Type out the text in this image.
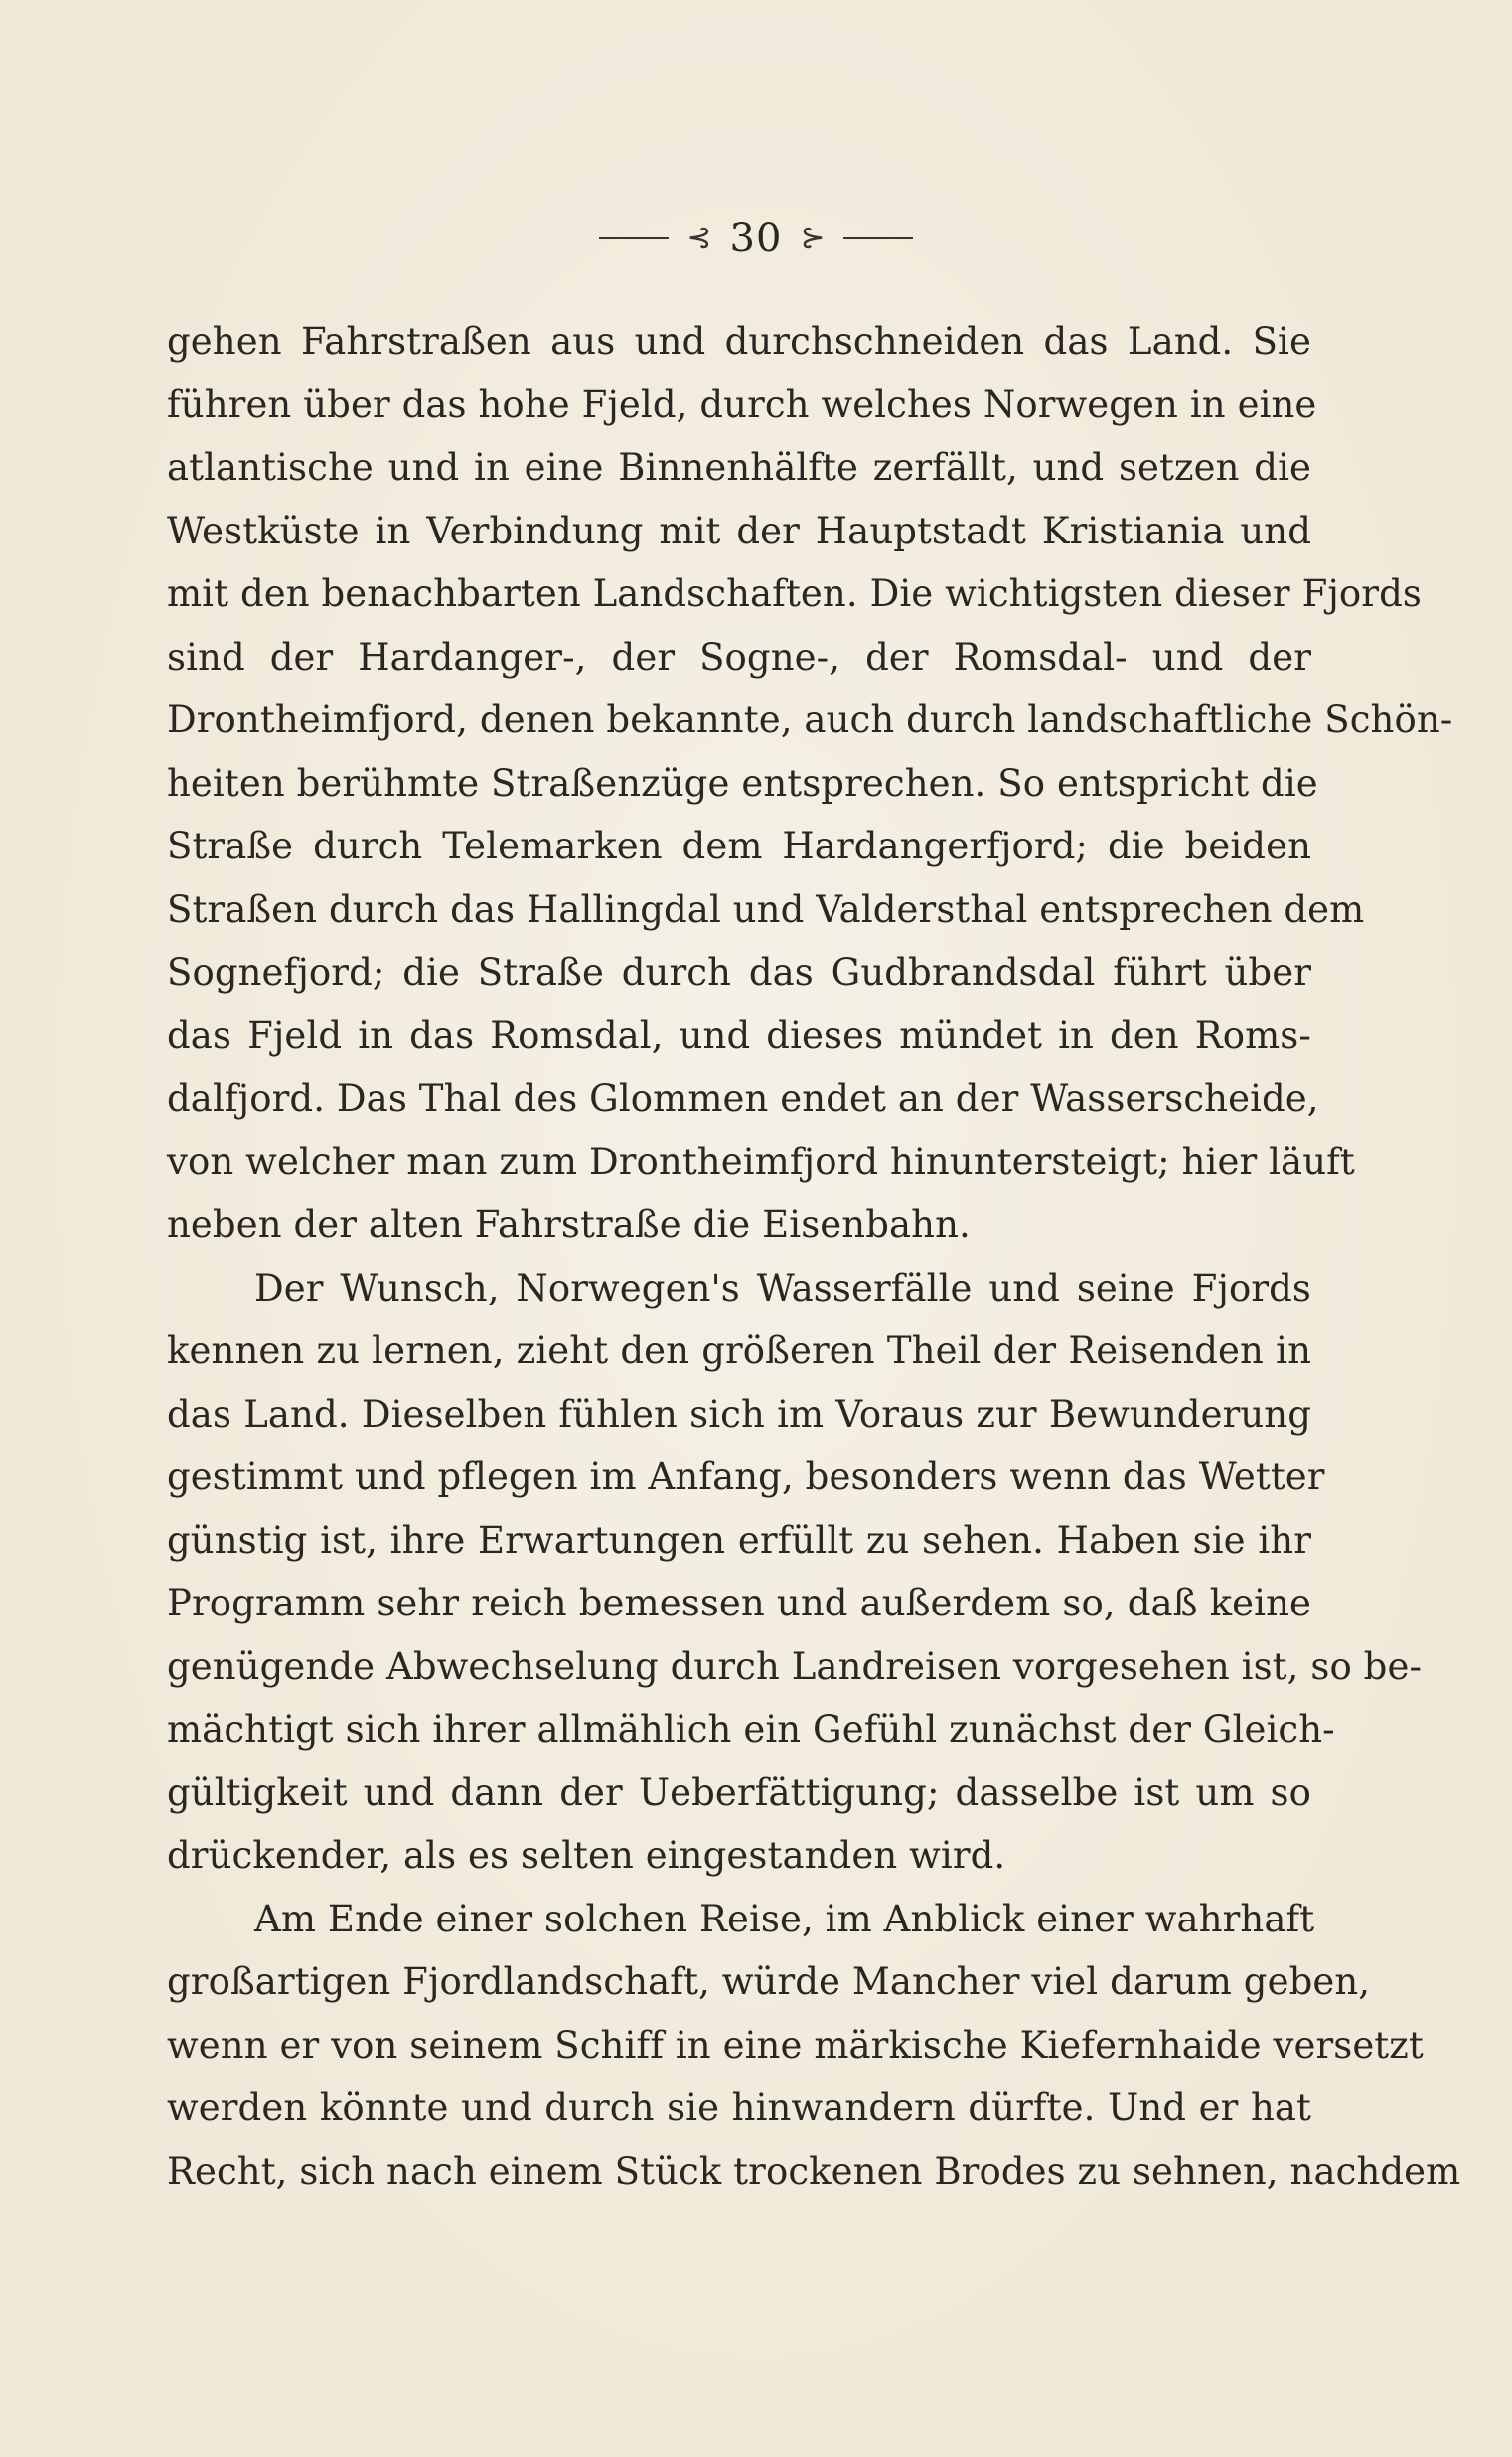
⊰ 30 ⊱
gehen Fahrstraßen aus und durchschneiden das Land. Sie
führen über das hohe Fjeld, durch welches Norwegen in eine
atlantische und in eine Binnenhälfte zerfällt, und setzen die
Westküste in Verbindung mit der Hauptstadt Kristiania und
mit den benachbarten Landschaften. Die wichtigsten dieser Fjords
sind der Hardanger-, der Sogne-, der Romsdal- und der
Drontheimfjord, denen bekannte, auch durch landschaftliche Schön-
heiten berühmte Straßenzüge entsprechen. So entspricht die
Straße durch Telemarken dem Hardangerfjord; die beiden
Straßen durch das Hallingdal und Valdersthal entsprechen dem
Sognefjord; die Straße durch das Gudbrandsdal führt über
das Fjeld in das Romsdal, und dieses mündet in den Roms-
dalfjord. Das Thal des Glommen endet an der Wasserscheide,
von welcher man zum Drontheimfjord hinuntersteigt; hier läuft
neben der alten Fahrstraße die Eisenbahn.
Der Wunsch, Norwegen's Wasserfälle und seine Fjords
kennen zu lernen, zieht den größeren Theil der Reisenden in
das Land. Dieselben fühlen sich im Voraus zur Bewunderung
gestimmt und pflegen im Anfang, besonders wenn das Wetter
günstig ist, ihre Erwartungen erfüllt zu sehen. Haben sie ihr
Programm sehr reich bemessen und außerdem so, daß keine
genügende Abwechselung durch Landreisen vorgesehen ist, so be-
mächtigt sich ihrer allmählich ein Gefühl zunächst der Gleich-
gültigkeit und dann der Ueberfättigung; dasselbe ist um so
drückender, als es selten eingestanden wird.
Am Ende einer solchen Reise, im Anblick einer wahrhaft
großartigen Fjordlandschaft, würde Mancher viel darum geben,
wenn er von seinem Schiff in eine märkische Kiefernhaide versetzt
werden könnte und durch sie hinwandern dürfte. Und er hat
Recht, sich nach einem Stück trockenen Brodes zu sehnen, nachdem
